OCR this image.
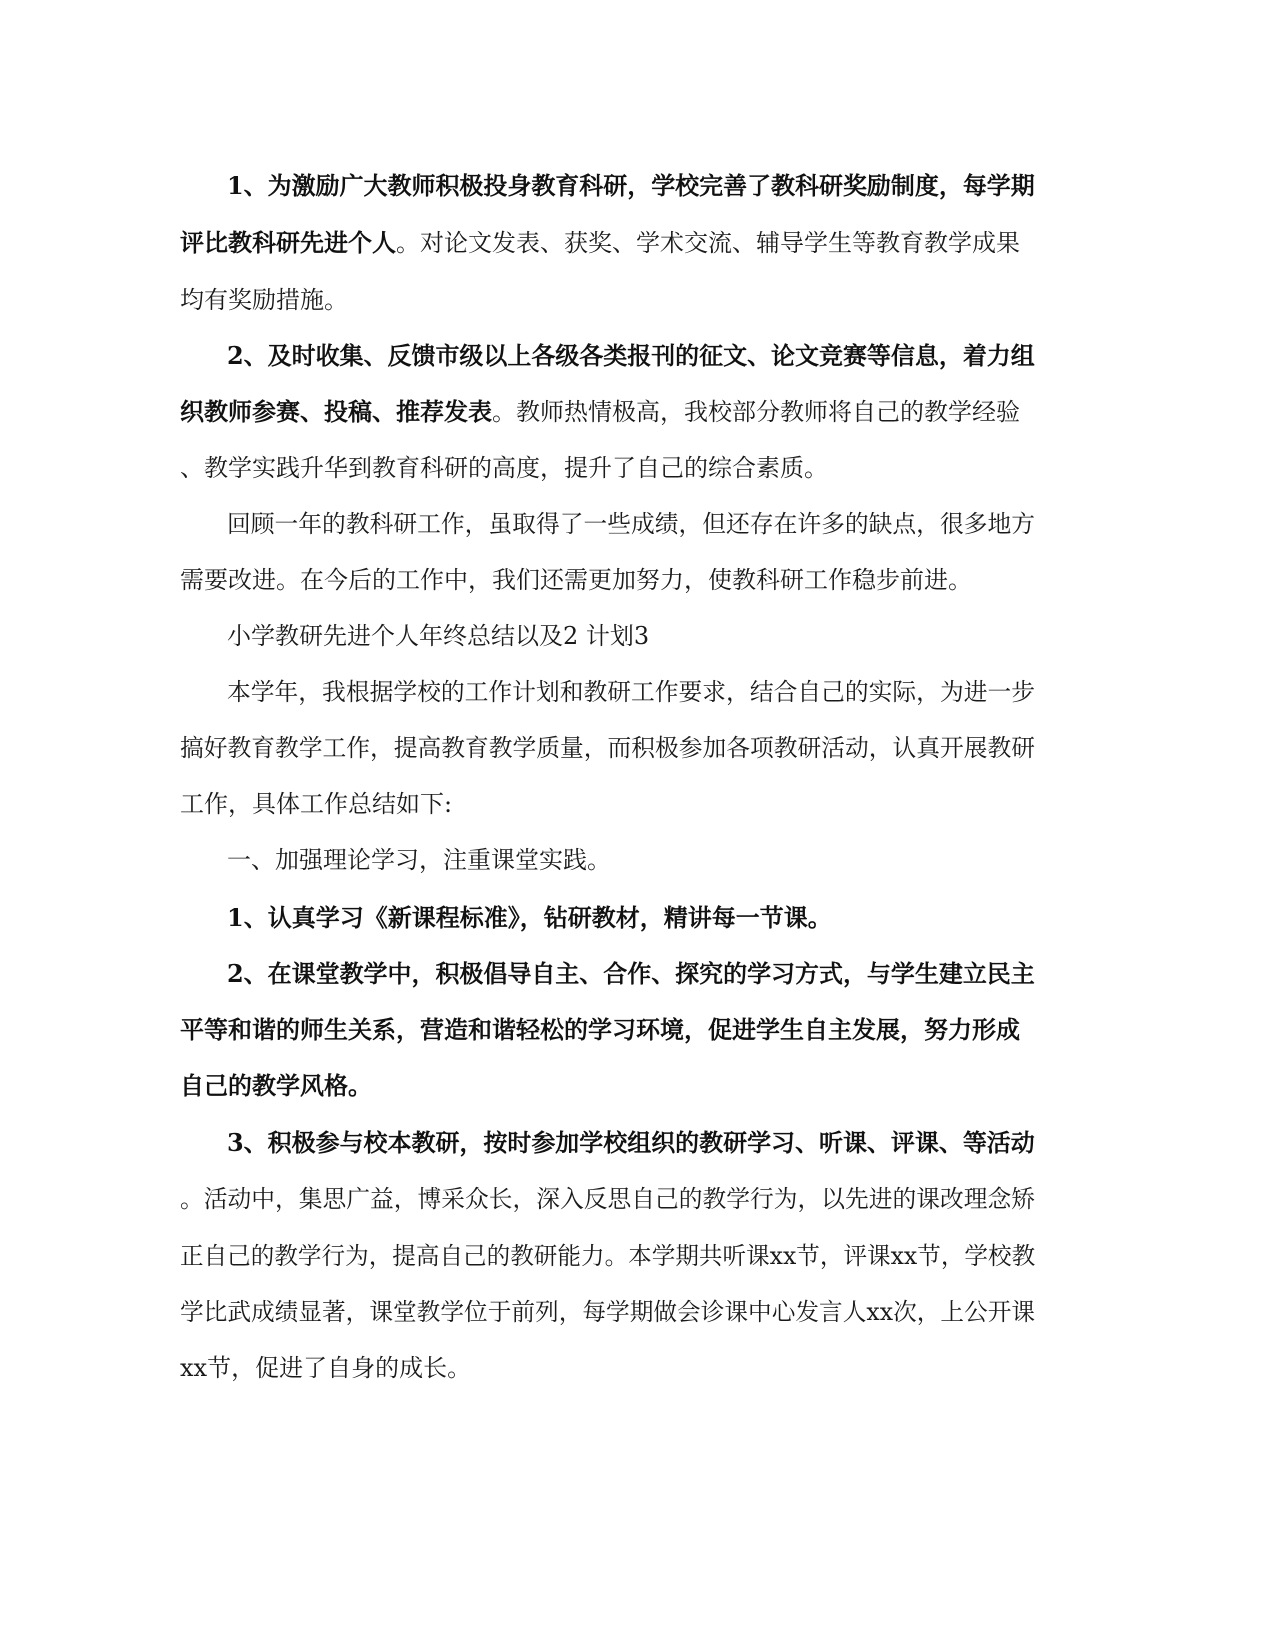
1、为激励广大教师积极投身教育科研，学校完善了教科研奖励制度，每学期
评比教科研先进个人。对论文发表、获奖、学术交流、辅导学生等教育教学成果
均有奖励措施。
2、及时收集、反馈市级以上各级各类报刊的征文、论文竞赛等信息，着力组
织教师参赛、投稿、推荐发表。教师热情极高，我校部分教师将自己的教学经验
、教学实践升华到教育科研的高度，提升了自己的综合素质。
回顾一年的教科研工作，虽取得了一些成绩，但还存在许多的缺点，很多地方
需要改进。在今后的工作中，我们还需更加努力，使教科研工作稳步前进。
小学教研先进个人年终总结以及2 计划3
本学年，我根据学校的工作计划和教研工作要求，结合自己的实际，为进一步
搞好教育教学工作，提高教育教学质量，而积极参加各项教研活动，认真开展教研
工作，具体工作总结如下:
一、加强理论学习，注重课堂实践。
1、认真学习《新课程标准》，钻研教材，精讲每一节课。
2、在课堂教学中，积极倡导自主、合作、探究的学习方式，与学生建立民主
平等和谐的师生关系，营造和谐轻松的学习环境，促进学生自主发展，努力形成
自己的教学风格。
3、积极参与校本教研，按时参加学校组织的教研学习、听课、评课、等活动
。活动中，集思广益，博采众长，深入反思自己的教学行为，以先进的课改理念矫
正自己的教学行为，提高自己的教研能力。本学期共听课xx节，评课xx节，学校教
学比武成绩显著，课堂教学位于前列，每学期做会诊课中心发言人xx次，上公开课
xx节，促进了自身的成长。
